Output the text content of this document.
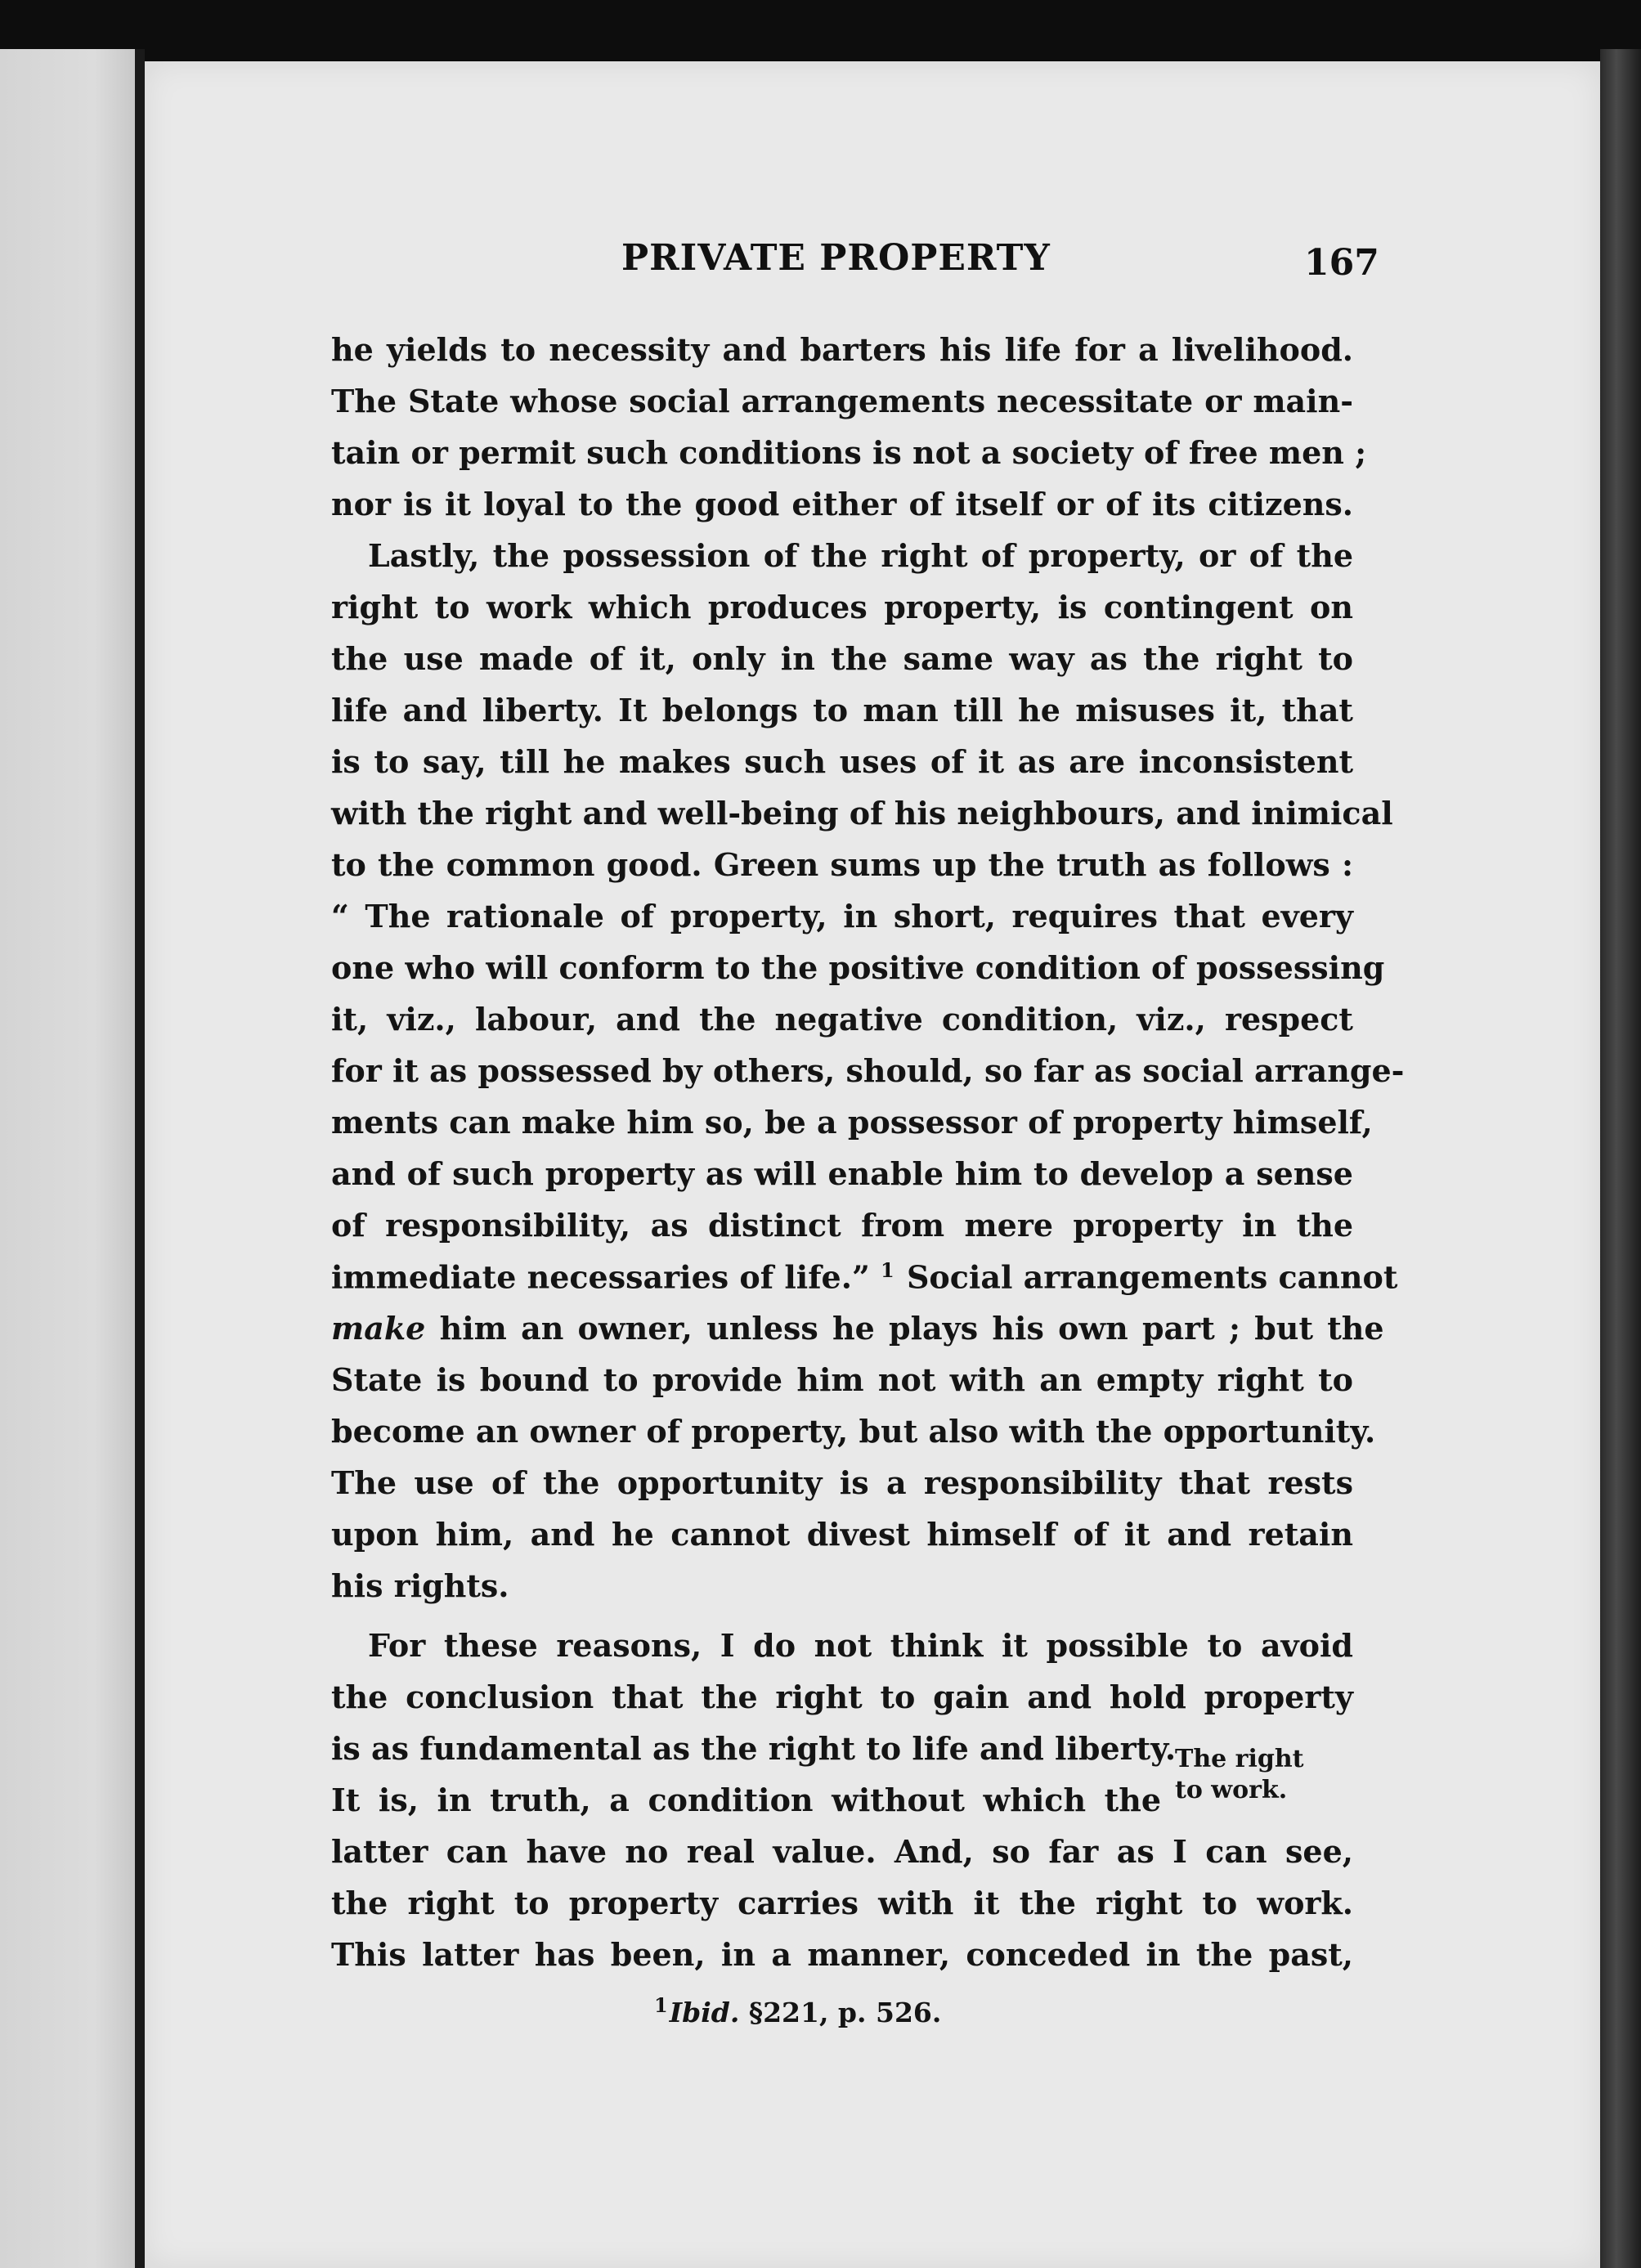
PRIVATE PROPERTY	167
he yields to necessity and barters his life for a livelihood.
The State whose social arrangements necessitate or main-
tain or permit such conditions is not a society of free men ;
nor is it loyal to the good either of itself or of its citizens.
Lastly, the possession of the right of property, or of the
right to work which produces property, is contingent on
the use made of it, only in the same way as the right to
life and liberty. It belongs to man till he misuses it, that
is to say, till he makes such uses of it as are inconsistent
with the right and well-being of his neighbours, and inimical
to the common good. Green sums up the truth as follows :
“ The rationale of property, in short, requires that every
one who will conform to the positive condition of possessing
it, viz., labour, and the negative condition, viz., respect
for it as possessed by others, should, so far as social arrange-
ments can make him so, be a possessor of property himself,
and of such property as will enable him to develop a sense
of responsibility, as distinct from mere property in the
immediate necessaries of life.” $^1$ Social arrangements cannot
make him an owner, unless he plays his own part ; but the
State is bound to provide him not with an empty right to
become an owner of property, but also with the opportunity.
The use of the opportunity is a responsibility that rests
upon him, and he cannot divest himself of it and retain
his rights.
For these reasons, I do not think it possible to avoid
the conclusion that the right to gain and hold property
is as fundamental as the right to life and liberty.
It is, in truth, a condition without which the
latter can have no real value. And, so far as I can see,
the right to property carries with it the right to work.
This latter has been, in a manner, conceded in the past,
The right
to work.
$^1$Ibid. §221, p. 526.
